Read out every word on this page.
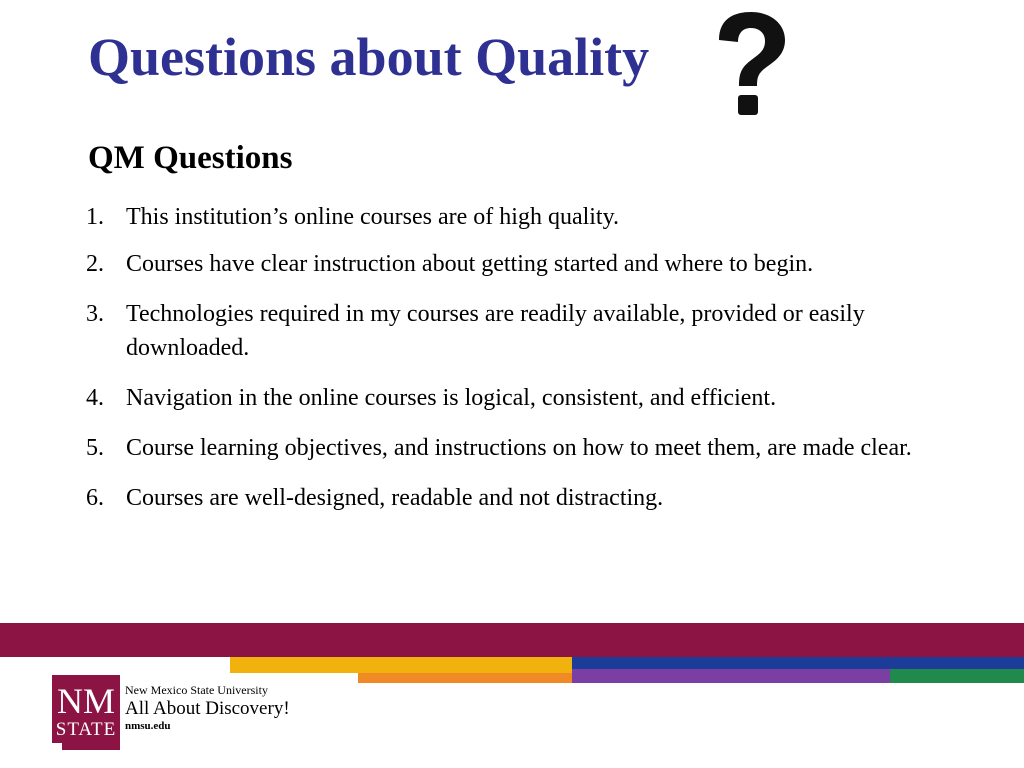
Questions about Quality
QM Questions
1. This institution’s online courses are of high quality.
2. Courses have clear instruction about getting started and where to begin.
3. Technologies required in my courses are readily available, provided or easily downloaded.
4. Navigation in the online courses is logical, consistent, and efficient.
5. Course learning objectives, and instructions on how to meet them, are made clear.
6. Courses are well-designed, readable and not distracting.
NM
STATE
New Mexico State University
All About Discovery!
nmsu.edu
